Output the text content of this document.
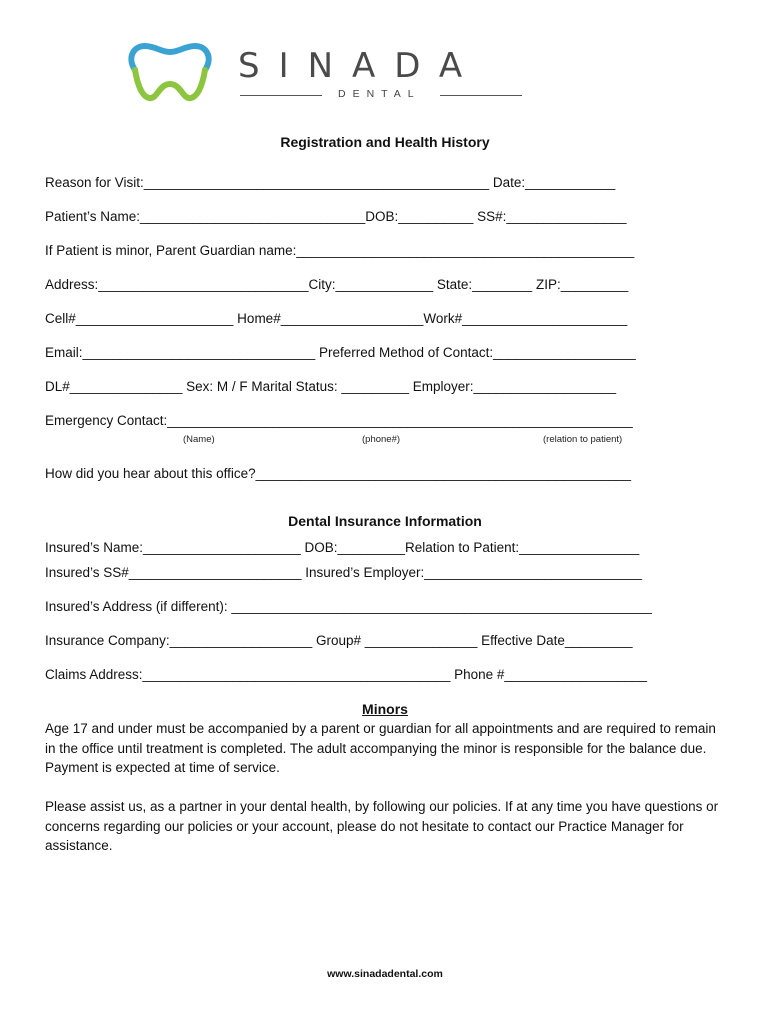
SINADA
DENTAL
Registration and Health History
Reason for Visit:______________________________________________ Date:____________
Patient’s Name:______________________________DOB:__________ SS#:________________
If Patient is minor, Parent Guardian name:_____________________________________________
Address:____________________________City:_____________ State:________ ZIP:_________
Cell#_____________________ Home#___________________Work#______________________
Email:_______________________________ Preferred Method of Contact:___________________
DL#_______________ Sex: M / F Marital Status: _________ Employer:___________________
Emergency Contact:______________________________________________________________
(Name)	(phone#)	(relation to patient)
How did you hear about this office?__________________________________________________
Dental Insurance Information
Insured’s Name:_____________________ DOB:_________Relation to Patient:________________
Insured’s SS#_______________________ Insured’s Employer:_____________________________
Insured’s Address (if different): ________________________________________________________
Insurance Company:___________________ Group# _______________ Effective Date_________
Claims Address:_________________________________________ Phone #___________________
Minors
Age 17 and under must be accompanied by a parent or guardian for all appointments and are required to remain in the office until treatment is completed. The adult accompanying the minor is responsible for the balance due. Payment is expected at time of service.
Please assist us, as a partner in your dental health, by following our policies. If at any time you have questions or concerns regarding our policies or your account, please do not hesitate to contact our Practice Manager for assistance.
www.sinadadental.com
